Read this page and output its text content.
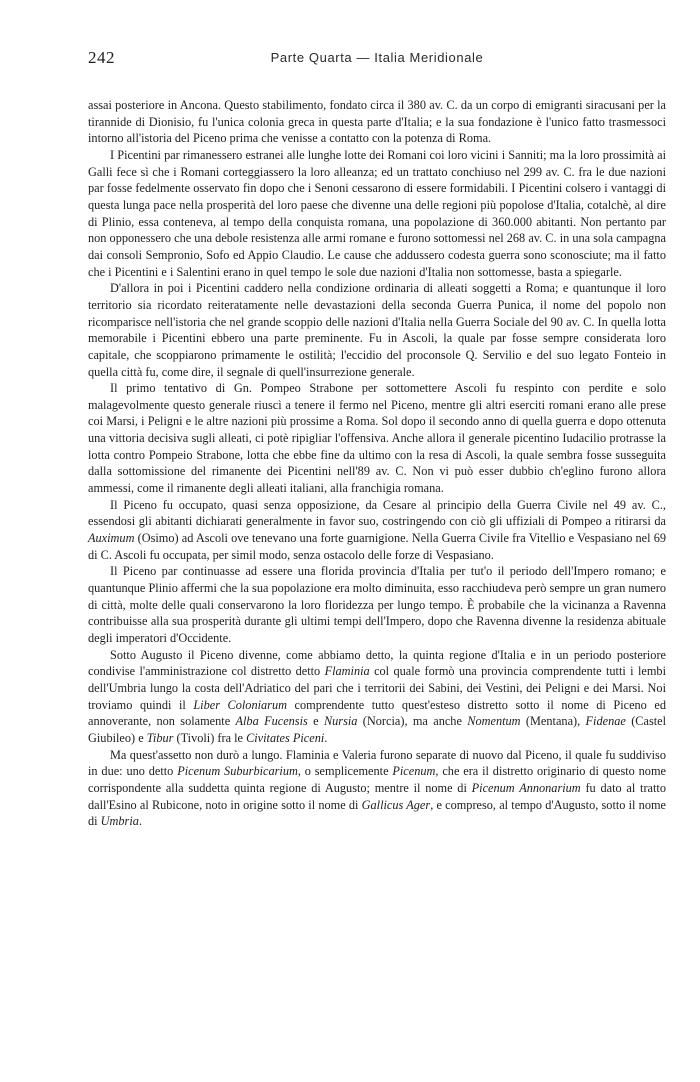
242	Parte Quarta — Italia Meridionale

assai posteriore in Ancona. Questo stabilimento, fondato circa il 380 av. C. da un corpo di emigranti siracusani per la tirannide di Dionisio, fu l'unica colonia greca in questa parte d'Italia; e la sua fondazione è l'unico fatto trasmessoci intorno all'istoria del Piceno prima che venisse a contatto con la potenza di Roma.

I Picentini par rimanessero estranei alle lunghe lotte dei Romani coi loro vicini i Sanniti; ma la loro prossimità ai Galli fece sì che i Romani corteggiassero la loro alleanza; ed un trattato conchiuso nel 299 av. C. fra le due nazioni par fosse fedelmente osservato fin dopo che i Senoni cessarono di essere formidabili. I Picentini colsero i vantaggi di questa lunga pace nella prosperità del loro paese che divenne una delle regioni più popolose d'Italia, cotalchè, al dire di Plinio, essa conteneva, al tempo della conquista romana, una popolazione di 360.000 abitanti. Non pertanto par non opponessero che una debole resistenza alle armi romane e furono sottomessi nel 268 av. C. in una sola campagna dai consoli Sempronio, Sofo ed Appio Claudio. Le cause che addussero codesta guerra sono sconosciute; ma il fatto che i Picentini e i Salentini erano in quel tempo le sole due nazioni d'Italia non sottomesse, basta a spiegarle.

D'allora in poi i Picentini caddero nella condizione ordinaria di alleati soggetti a Roma; e quantunque il loro territorio sia ricordato reiteratamente nelle devastazioni della seconda Guerra Punica, il nome del popolo non ricomparisce nell'istoria che nel grande scoppio delle nazioni d'Italia nella Guerra Sociale del 90 av. C. In quella lotta memorabile i Picentini ebbero una parte preminente. Fu in Ascoli, la quale par fosse sempre considerata loro capitale, che scoppiarono primamente le ostilità; l'eccidio del proconsole Q. Servilio e del suo legato Fonteio in quella città fu, come dire, il segnale di quell'insurrezione generale.

Il primo tentativo di Gn. Pompeo Strabone per sottomettere Ascoli fu respinto con perdite e solo malagevolmente questo generale riuscì a tenere il fermo nel Piceno, mentre gli altri eserciti romani erano alle prese coi Marsi, i Peligni e le altre nazioni più prossime a Roma. Sol dopo il secondo anno di quella guerra e dopo ottenuta una vittoria decisiva sugli alleati, ci potè ripigliar l'offensiva. Anche allora il generale picentino Iudacilio protrasse la lotta contro Pompeio Strabone, lotta che ebbe fine da ultimo con la resa di Ascoli, la quale sembra fosse susseguita dalla sottomissione del rimanente dei Picentini nell'89 av. C. Non vi può esser dubbio ch'eglino furono allora ammessi, come il rimanente degli alleati italiani, alla franchigia romana.

Il Piceno fu occupato, quasi senza opposizione, da Cesare al principio della Guerra Civile nel 49 av. C., essendosi gli abitanti dichiarati generalmente in favor suo, costringendo con ciò gli uffiziali di Pompeo a ritirarsi da Auximum (Osimo) ad Ascoli ove tenevano una forte guarnigione. Nella Guerra Civile fra Vitellio e Vespasiano nel 69 di C. Ascoli fu occupata, per simil modo, senza ostacolo delle forze di Vespasiano.

Il Piceno par continuasse ad essere una florida provincia d'Italia per tut'o il periodo dell'Impero romano; e quantunque Plinio affermi che la sua popolazione era molto diminuita, esso racchiudeva però sempre un gran numero di città, molte delle quali conservarono la loro floridezza per lungo tempo. È probabile che la vicinanza a Ravenna contribuisse alla sua prosperità durante gli ultimi tempi dell'Impero, dopo che Ravenna divenne la residenza abituale degli imperatori d'Occidente.

Sotto Augusto il Piceno divenne, come abbiamo detto, la quinta regione d'Italia e in un periodo posteriore condivise l'amministrazione col distretto detto Flaminia col quale formò una provincia comprendente tutti i lembi dell'Umbria lungo la costa dell'Adriatico del pari che i territorii dei Sabini, dei Vestini, dei Peligni e dei Marsi. Noi troviamo quindi il Liber Coloniarum comprendente tutto quest'esteso distretto sotto il nome di Piceno ed annoverante, non solamente Alba Fucensis e Nursia (Norcia), ma anche Nomentum (Mentana), Fidenae (Castel Giubileo) e Tibur (Tivoli) fra le Civitates Piceni.

Ma quest'assetto non durò a lungo. Flaminia e Valeria furono separate di nuovo dal Piceno, il quale fu suddiviso in due: uno detto Picenum Suburbicarium, o semplicemente Picenum, che era il distretto originario di questo nome corrispondente alla suddetta quinta regione di Augusto; mentre il nome di Picenum Annonarium fu dato al tratto dall'Esino al Rubicone, noto in origine sotto il nome di Gallicus Ager, e compreso, al tempo d'Augusto, sotto il nome di Umbria.
